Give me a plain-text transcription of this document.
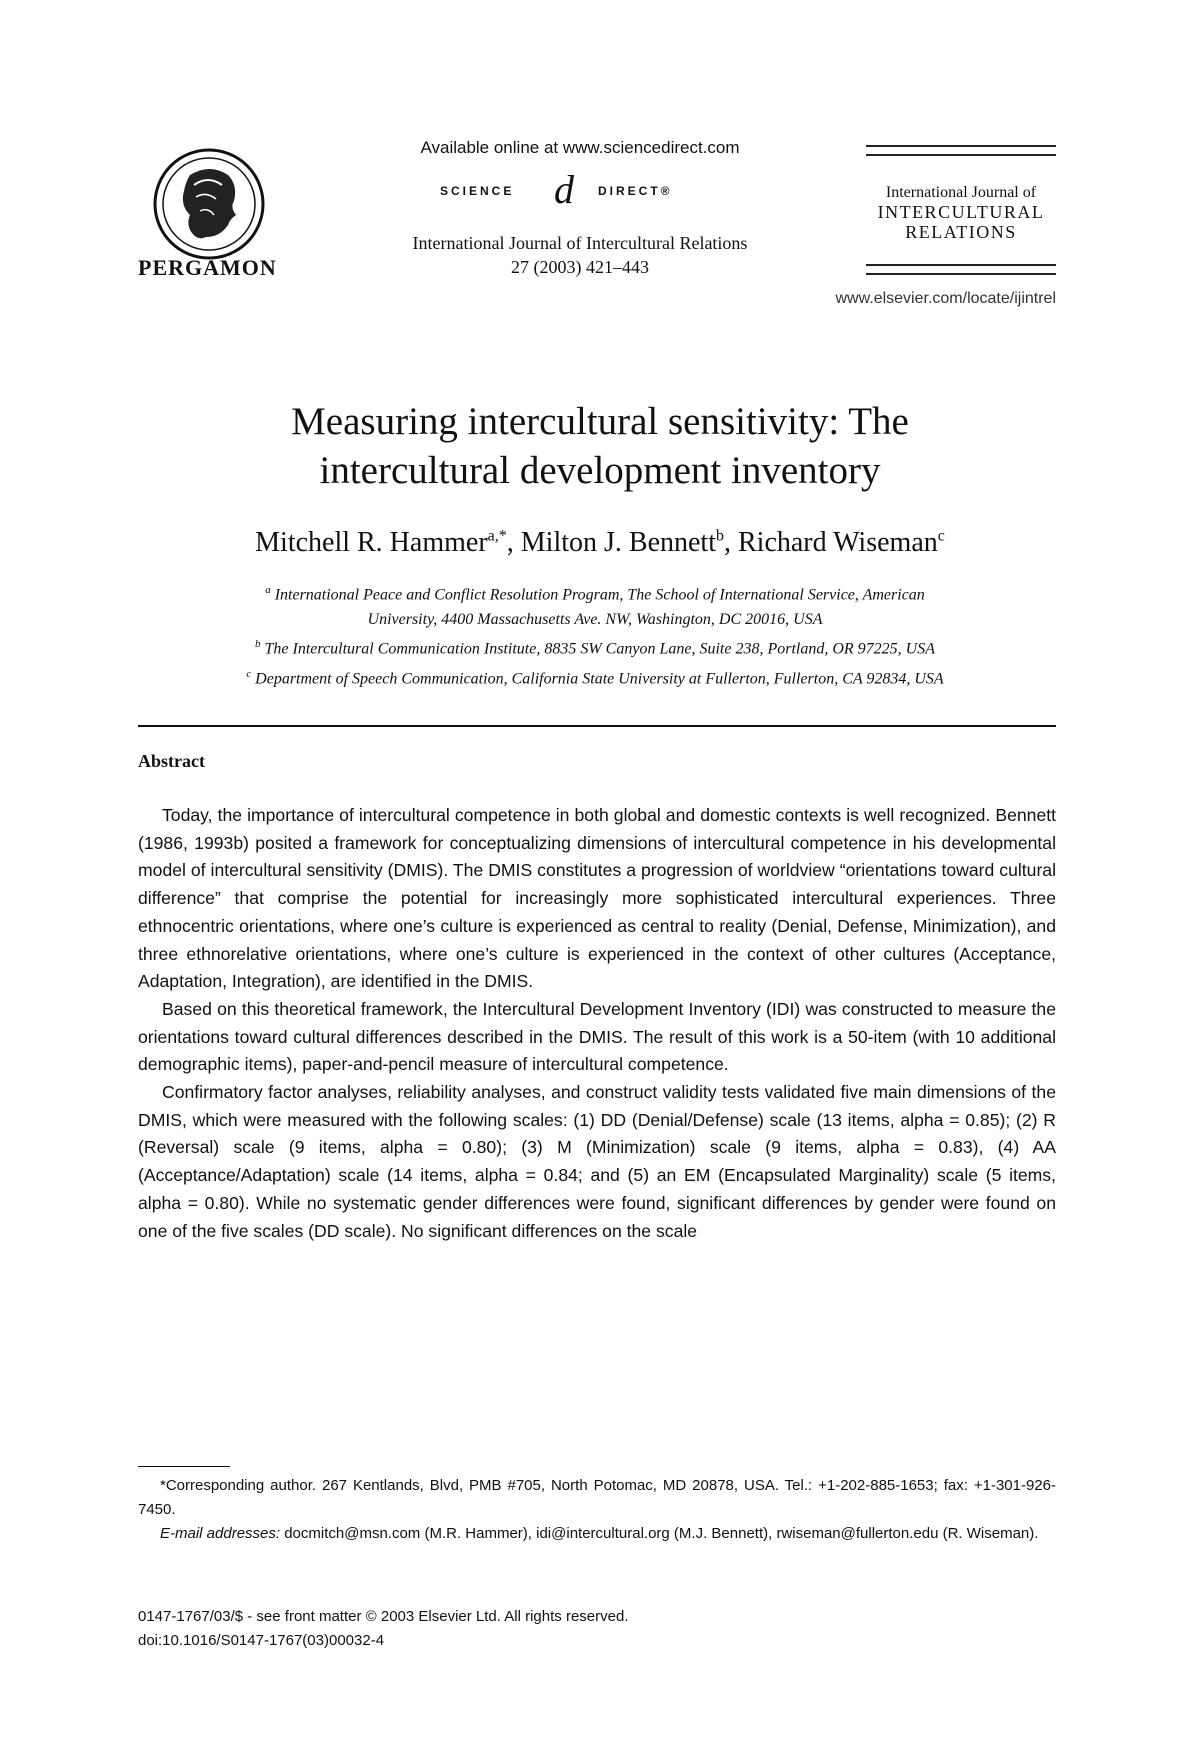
PERGAMON
Available online at www.sciencedirect.com
SCIENCE d DIRECT®
International Journal of Intercultural Relations
27 (2003) 421–443
International Journal of
INTERCULTURAL
RELATIONS
www.elsevier.com/locate/ijintrel
Measuring intercultural sensitivity: The
intercultural development inventory
Mitchell R. Hammer$^{a,*}$, Milton J. Bennett$^b$, Richard Wiseman$^c$
$^a$ International Peace and Conflict Resolution Program, The School of International Service, American
University, 4400 Massachusetts Ave. NW, Washington, DC 20016, USA
$^b$ The Intercultural Communication Institute, 8835 SW Canyon Lane, Suite 238, Portland, OR 97225, USA
$^c$ Department of Speech Communication, California State University at Fullerton, Fullerton, CA 92834, USA
Abstract

Today, the importance of intercultural competence in both global and domestic contexts is well recognized. Bennett (1986, 1993b) posited a framework for conceptualizing dimensions of intercultural competence in his developmental model of intercultural sensitivity (DMIS). The DMIS constitutes a progression of worldview “orientations toward cultural difference” that comprise the potential for increasingly more sophisticated intercultural experiences. Three ethnocentric orientations, where one’s culture is experienced as central to reality (Denial, Defense, Minimization), and three ethnorelative orientations, where one’s culture is experienced in the context of other cultures (Acceptance, Adaptation, Integration), are identified in the DMIS.

Based on this theoretical framework, the Intercultural Development Inventory (IDI) was constructed to measure the orientations toward cultural differences described in the DMIS. The result of this work is a 50-item (with 10 additional demographic items), paper-and-pencil measure of intercultural competence.

Confirmatory factor analyses, reliability analyses, and construct validity tests validated five main dimensions of the DMIS, which were measured with the following scales: (1) DD (Denial/Defense) scale (13 items, alpha = 0.85); (2) R (Reversal) scale (9 items, alpha = 0.80); (3) M (Minimization) scale (9 items, alpha = 0.83), (4) AA (Acceptance/Adaptation) scale (14 items, alpha = 0.84; and (5) an EM (Encapsulated Marginality) scale (5 items, alpha = 0.80). While no systematic gender differences were found, significant differences by gender were found on one of the five scales (DD scale). No significant differences on the scale

*Corresponding author. 267 Kentlands, Blvd, PMB #705, North Potomac, MD 20878, USA. Tel.: +1-202-885-1653; fax: +1-301-926-7450.

E-mail addresses: docmitch@msn.com (M.R. Hammer), idi@intercultural.org (M.J. Bennett), rwiseman@fullerton.edu (R. Wiseman).

0147-1767/03/$ - see front matter © 2003 Elsevier Ltd. All rights reserved.
doi:10.1016/S0147-1767(03)00032-4
